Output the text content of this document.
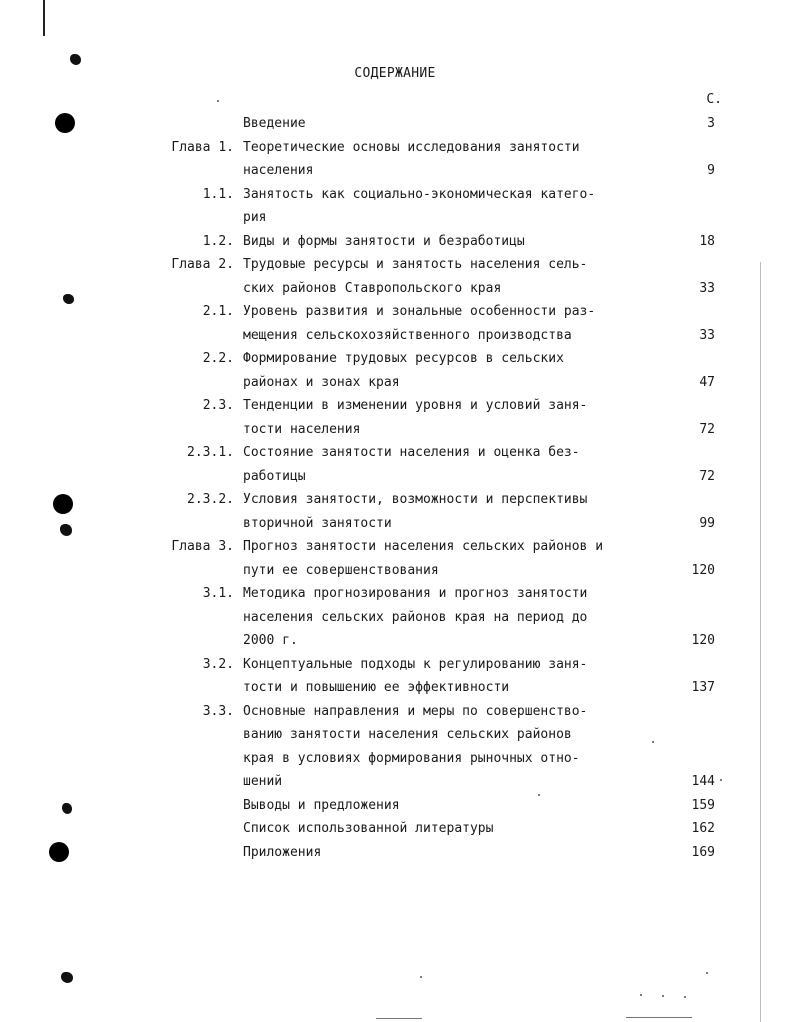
СОДЕРЖАНИЕ
С.
Введение	3
Глава 1. Теоретические основы исследования занятости
населения	9
1.1. Занятость как социально-экономическая катего-
рия
1.2. Виды и формы занятости и безработицы	18
Глава 2. Трудовые ресурсы и занятость населения сель-
ских районов Ставропольского края	33
2.1. Уровень развития и зональные особенности раз-
мещения сельскохозяйственного производства	33
2.2. Формирование трудовых ресурсов в сельских
районах и зонах края	47
2.3. Тенденции в изменении уровня и условий заня-
тости населения	72
2.3.1. Состояние занятости населения и оценка без-
работицы	72
2.3.2. Условия занятости, возможности и перспективы
вторичной занятости	99
Глава 3. Прогноз занятости населения сельских районов и
пути ее совершенствования	120
3.1. Методика прогнозирования и прогноз занятости
населения сельских районов края на период до
2000 г.	120
3.2. Концептуальные подходы к регулированию заня-
тости и повышению ее эффективности	137
3.3. Основные направления и меры по совершенство-
ванию занятости населения сельских районов
края в условиях формирования рыночных отно-
шений	144
Выводы и предложения	159
Список использованной литературы	162
Приложения	169
